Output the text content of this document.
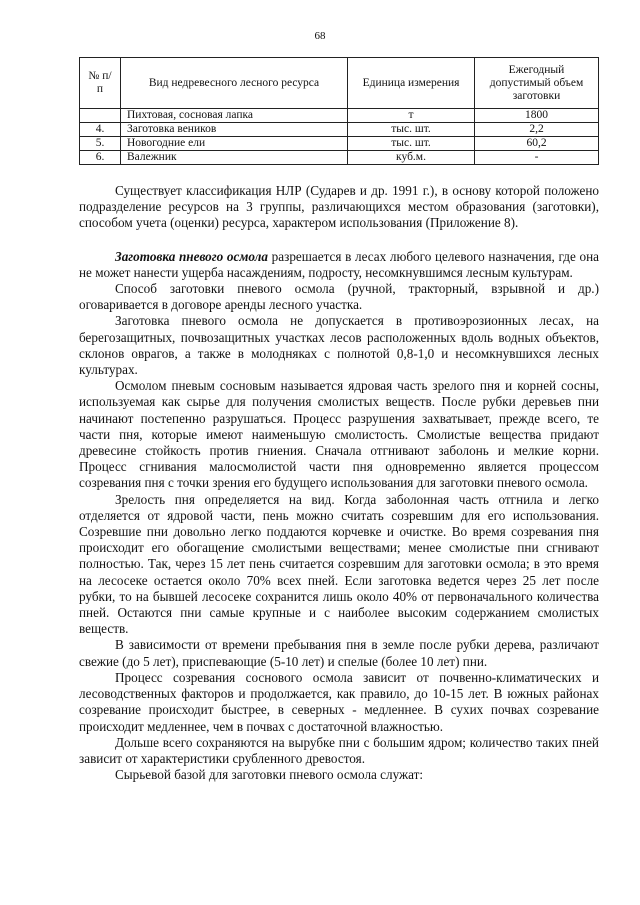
68
№ п/п	Вид недревесного лесного ресурса	Единица измерения	Ежегодный допустимый объем заготовки
	Пихтовая, сосновая лапка	т	1800
4.	Заготовка веников	тыс. шт.	2,2
5.	Новогодние ели	тыс. шт.	60,2
6.	Валежник	куб.м.	-

Существует классификация НЛР (Сударев и др. 1991 г.), в основу которой положено подразделение ресурсов на 3 группы, различающихся местом образования (заготовки), способом учета (оценки) ресурса, характером использования (Приложение 8).

Заготовка пневого осмола разрешается в лесах любого целевого назначения, где она не может нанести ущерба насаждениям, подросту, несомкнувшимся лесным культурам.

Способ заготовки пневого осмола (ручной, тракторный, взрывной и др.) оговаривается в договоре аренды лесного участка.

Заготовка пневого осмола не допускается в противоэрозионных лесах, на берегозащитных, почвозащитных участках лесов расположенных вдоль водных объектов, склонов оврагов, а также в молодняках с полнотой 0,8-1,0 и несомкнувшихся лесных культурах.

Осмолом пневым сосновым называется ядровая часть зрелого пня и корней сосны, используемая как сырье для получения смолистых веществ. После рубки деревьев пни начинают постепенно разрушаться. Процесс разрушения захватывает, прежде всего, те части пня, которые имеют наименьшую смолистость. Смолистые вещества придают древесине стойкость против гниения. Сначала отгнивают заболонь и мелкие корни. Процесс сгнивания малосмолистой части пня одновременно является процессом созревания пня с точки зрения его будущего использования для заготовки пневого осмола.

Зрелость пня определяется на вид. Когда заболонная часть отгнила и легко отделяется от ядровой части, пень можно считать созревшим для его использования. Созревшие пни довольно легко поддаются корчевке и очистке. Во время созревания пня происходит его обогащение смолистыми веществами; менее смолистые пни сгнивают полностью. Так, через 15 лет пень считается созревшим для заготовки осмола; в это время на лесосеке остается около 70% всех пней. Если заготовка ведется через 25 лет после рубки, то на бывшей лесосеке сохранится лишь около 40% от первоначального количества пней. Остаются пни самые крупные и с наиболее высоким содержанием смолистых веществ.

В зависимости от времени пребывания пня в земле после рубки дерева, различают свежие (до 5 лет), приспевающие (5-10 лет) и спелые (более 10 лет) пни.

Процесс созревания соснового осмола зависит от почвенно-климатических и лесоводственных факторов и продолжается, как правило, до 10-15 лет. В южных районах созревание происходит быстрее, в северных - медленнее. В сухих почвах созревание происходит медленнее, чем в почвах с достаточной влажностью.

Дольше всего сохраняются на вырубке пни с большим ядром; количество таких пней зависит от характеристики срубленного древостоя.

Сырьевой базой для заготовки пневого осмола служат:
